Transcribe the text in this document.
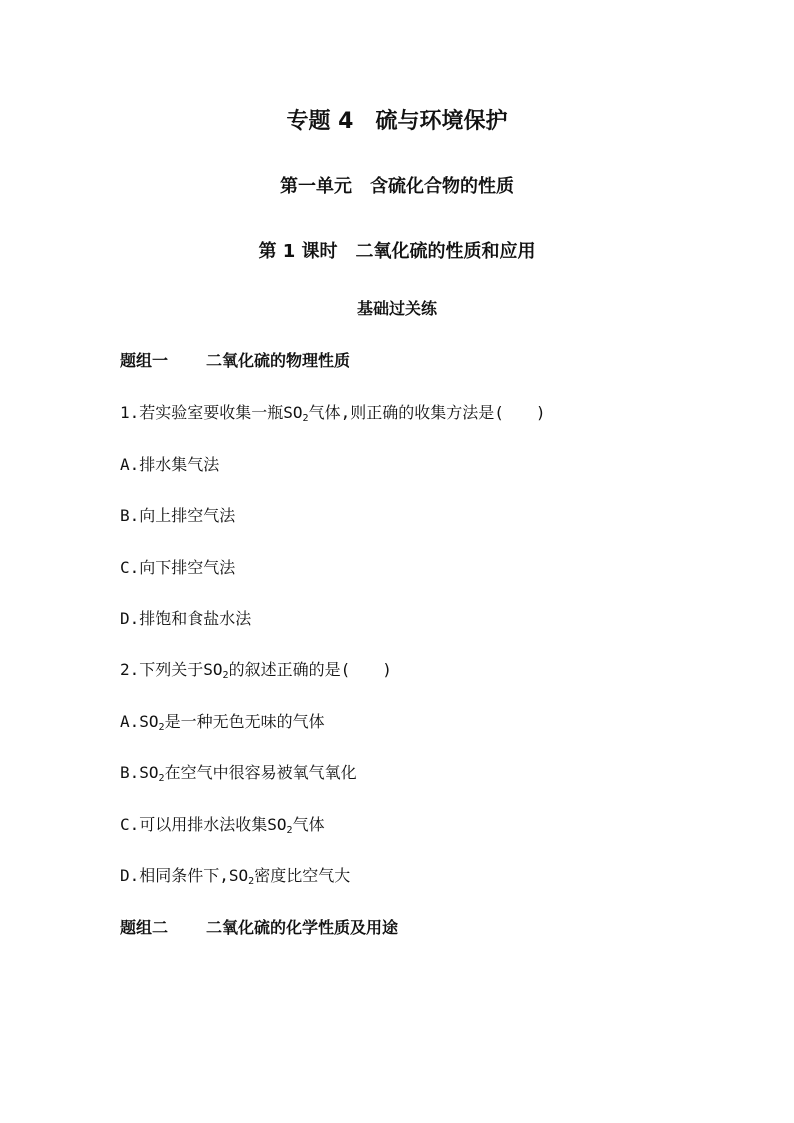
专题 4　硫与环境保护
第一单元　含硫化合物的性质
第 1 课时　二氧化硫的性质和应用
基础过关练
题组一 二氧化硫的物理性质
1.若实验室要收集一瓶$SO_2$气体,则正确的收集方法是(　　)
A.排水集气法
B.向上排空气法
C.向下排空气法
D.排饱和食盐水法
2.下列关于$SO_2$的叙述正确的是(　　)
$A.SO_2$是一种无色无味的气体
$B.SO_2$在空气中很容易被氧气氧化
C.可以用排水法收集$SO_2$气体
D.相同条件下$,SO_2$密度比空气大
题组二 二氧化硫的化学性质及用途
